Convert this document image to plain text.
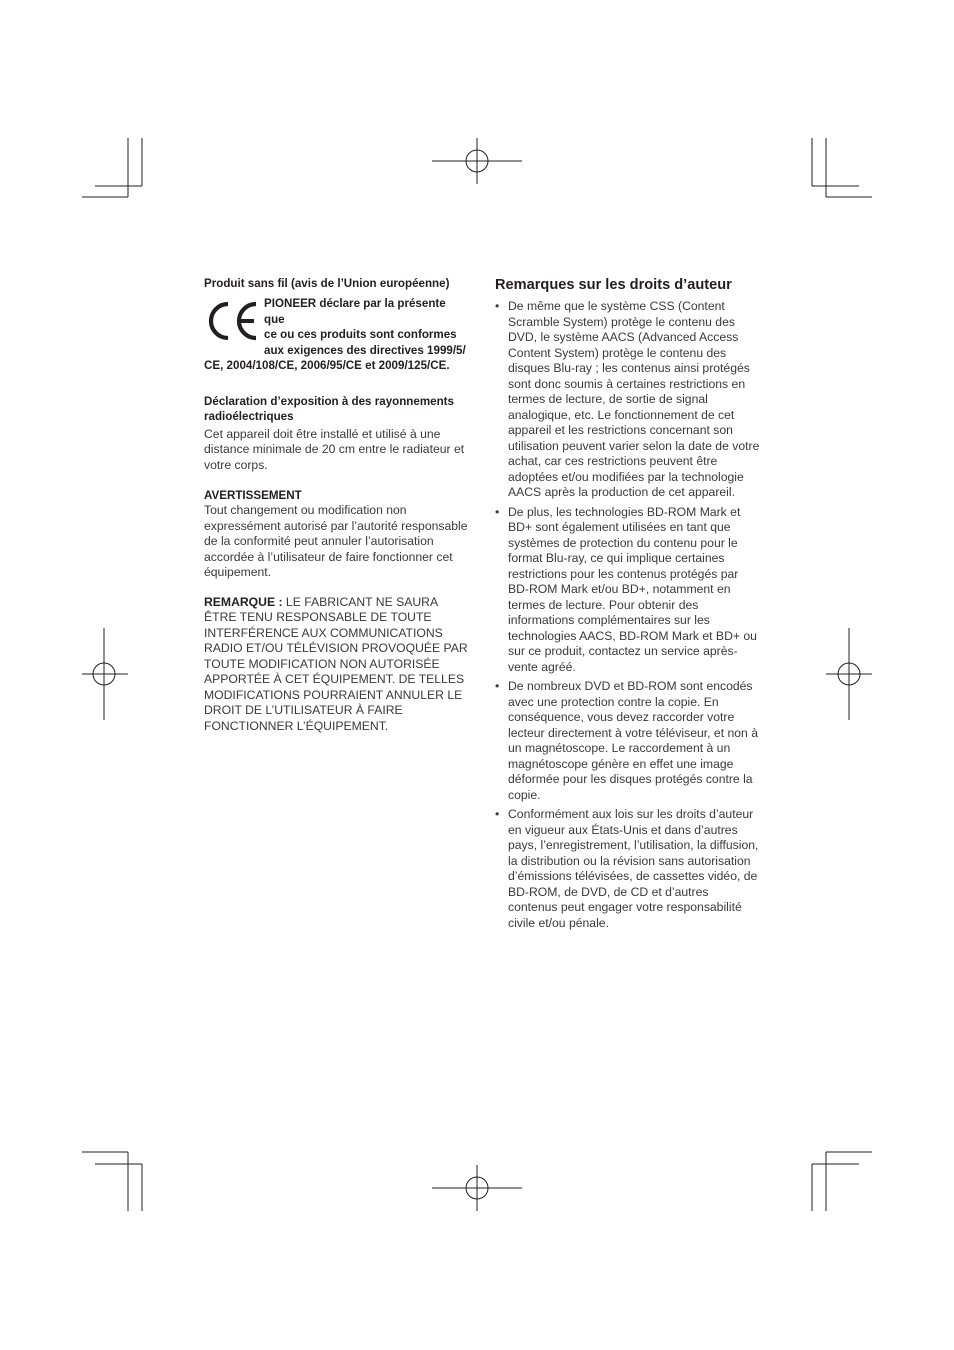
Produit sans fil (avis de l’Union européenne)

PIONEER déclare par la présente que
ce ou ces produits sont conformes
aux exigences des directives 1999/5/
CE, 2004/108/CE, 2006/95/CE et 2009/125/CE.

Déclaration d’exposition à des rayonnements radioélectriques

Cet appareil doit être installé et utilisé à une distance minimale de 20 cm entre le radiateur et votre corps.

AVERTISSEMENT

Tout changement ou modification non expressément autorisé par l’autorité responsable de la conformité peut annuler l’autorisation accordée à l’utilisateur de faire fonctionner cet équipement.

REMARQUE : LE FABRICANT NE SAURA ÊTRE TENU RESPONSABLE DE TOUTE INTERFÉRENCE AUX COMMUNICATIONS RADIO ET/OU TÉLÉVISION PROVOQUÉE PAR TOUTE MODIFICATION NON AUTORISÉE APPORTÉE À CET ÉQUIPEMENT. DE TELLES MODIFICATIONS POURRAIENT ANNULER LE DROIT DE L’UTILISATEUR À FAIRE FONCTIONNER L’ÉQUIPEMENT.

Remarques sur les droits d’auteur
• De même que le système CSS (Content Scramble System) protège le contenu des DVD, le système AACS (Advanced Access Content System) protège le contenu des disques Blu-ray ; les contenus ainsi protégés sont donc soumis à certaines restrictions en termes de lecture, de sortie de signal analogique, etc. Le fonctionnement de cet appareil et les restrictions concernant son utilisation peuvent varier selon la date de votre achat, car ces restrictions peuvent être adoptées et/ou modifiées par la technologie AACS après la production de cet appareil.
• De plus, les technologies BD-ROM Mark et BD+ sont également utilisées en tant que systèmes de protection du contenu pour le format Blu-ray, ce qui implique certaines restrictions pour les contenus protégés par BD-ROM Mark et/ou BD+, notamment en termes de lecture. Pour obtenir des informations complémentaires sur les technologies AACS, BD-ROM Mark et BD+ ou sur ce produit, contactez un service après-vente agréé.
• De nombreux DVD et BD-ROM sont encodés avec une protection contre la copie. En conséquence, vous devez raccorder votre lecteur directement à votre téléviseur, et non à un magnétoscope. Le raccordement à un magnétoscope génère en effet une image déformée pour les disques protégés contre la copie.
• Conformément aux lois sur les droits d’auteur en vigueur aux États-Unis et dans d’autres pays, l’enregistrement, l’utilisation, la diffusion, la distribution ou la révision sans autorisation d’émissions télévisées, de cassettes vidéo, de BD-ROM, de DVD, de CD et d’autres contenus peut engager votre responsabilité civile et/ou pénale.
